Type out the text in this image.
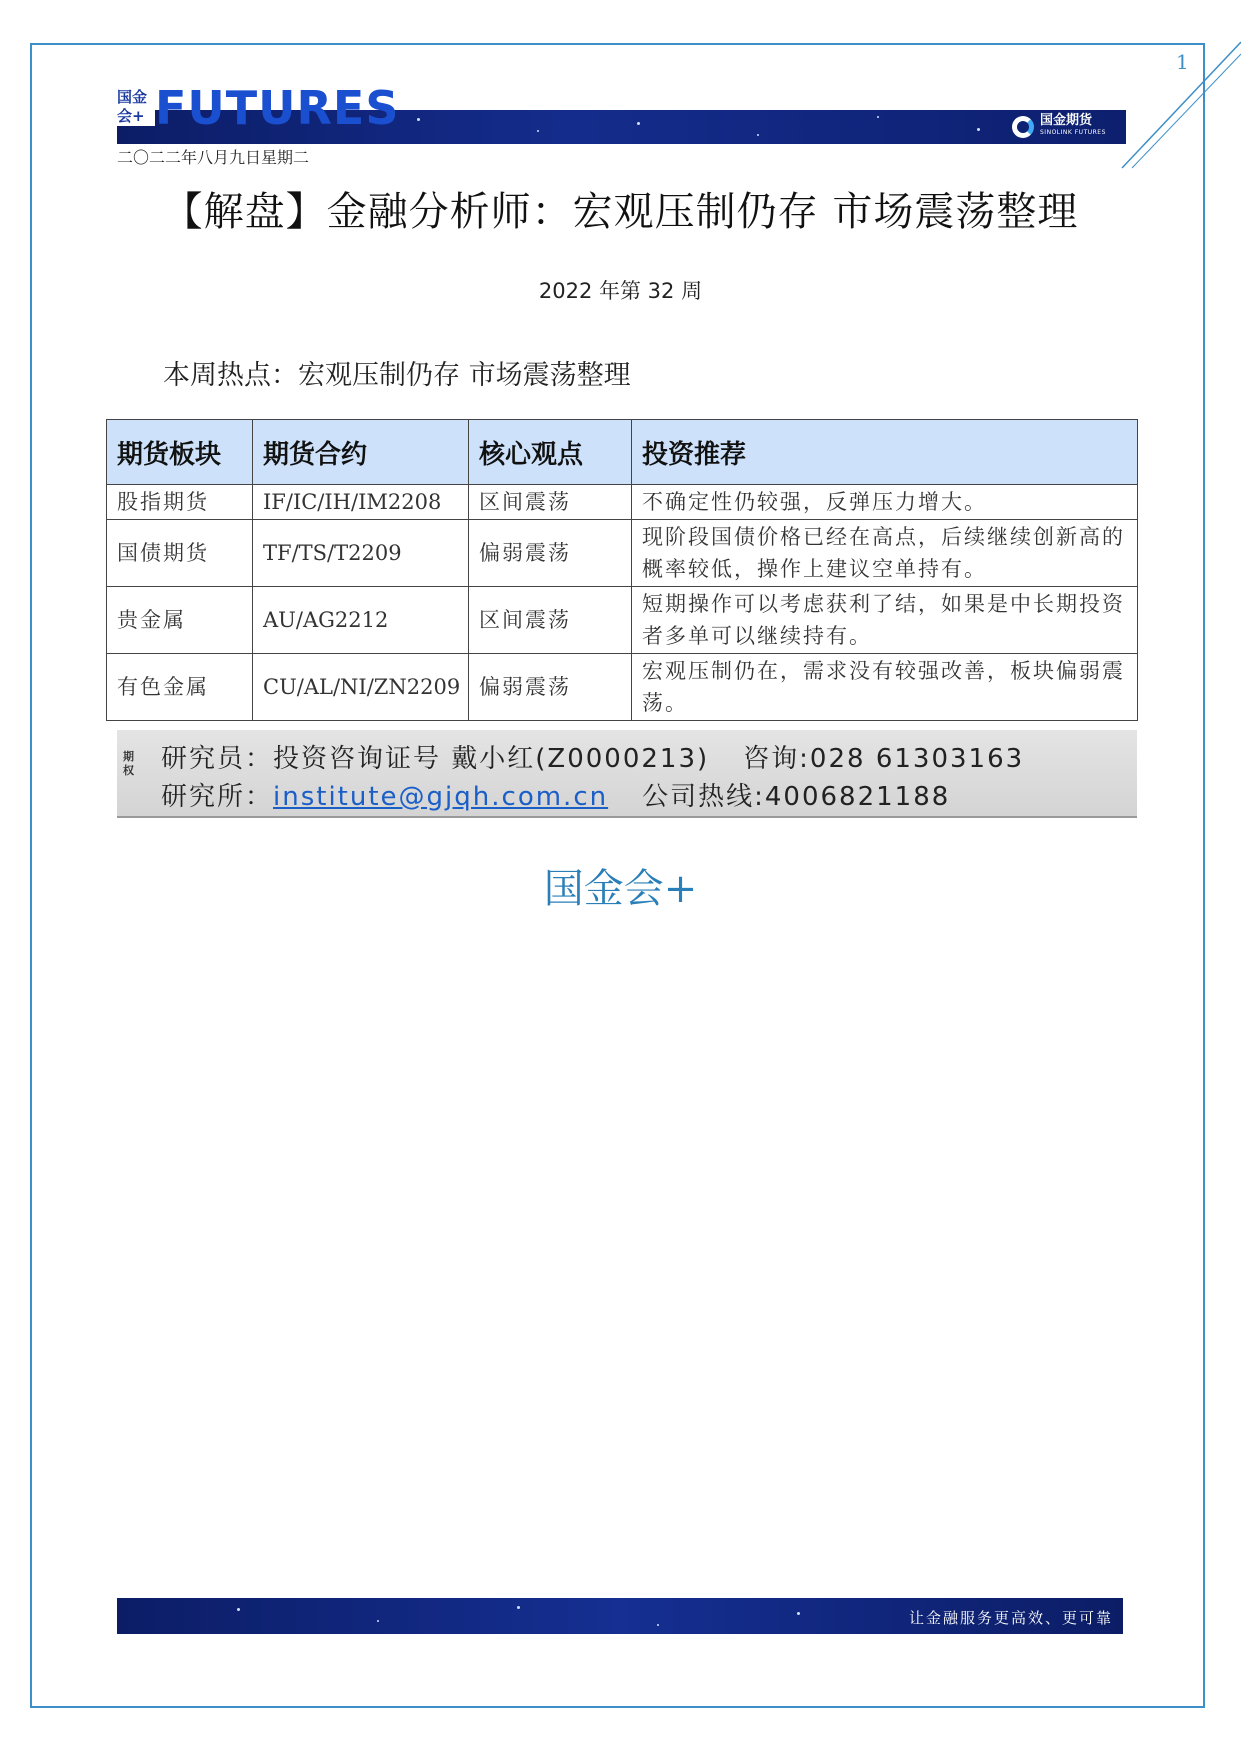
1
国金会+ FUTURES	国金期货
SINOLINK FUTURES
二〇二二年八月九日星期二
【解盘】金融分析师：宏观压制仍存 市场震荡整理
2022 年第 32 周
本周热点：宏观压制仍存 市场震荡整理
期货板块	期货合约	核心观点	投资推荐
股指期货	IF/IC/IH/IM2208	区间震荡	不确定性仍较强，反弹压力增大。
国债期货	TF/TS/T2209	偏弱震荡	现阶段国债价格已经在高点，后续继续创新高的概率较低，操作上建议空单持有。
贵金属	AU/AG2212	区间震荡	短期操作可以考虑获利了结，如果是中长期投资者多单可以继续持有。
有色金属	CU/AL/NI/ZN2209	偏弱震荡	宏观压制仍在，需求没有较强改善，板块偏弱震荡。
期权 研究员：投资咨询证号 戴小红(Z0000213) 咨询:028 61303163
研究所：institute@gjqh.com.cn 公司热线:4006821188
国金会+
让金融服务更高效、更可靠
